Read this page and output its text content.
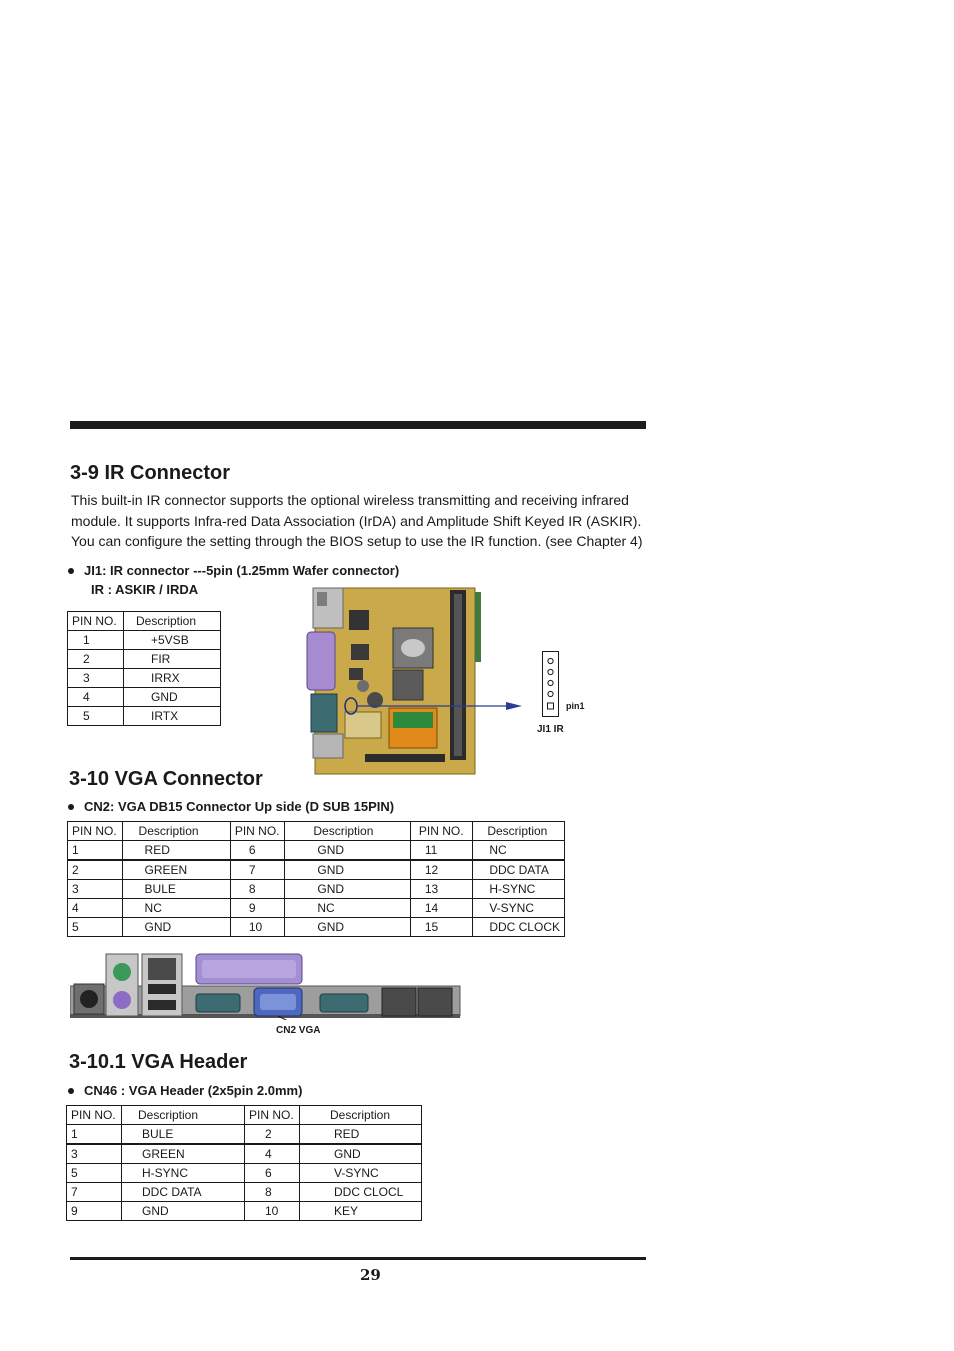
3-9 IR Connector
This built-in IR connector supports the optional wireless transmitting and receiving infrared
module. It supports Infra-red Data Association (IrDA) and Amplitude Shift Keyed IR (ASKIR).
You can configure the setting through the BIOS setup to use the IR function. (see Chapter 4)
JI1: IR connector ---5pin (1.25mm Wafer connector)
IR : ASKIR / IRDA
PIN NO.	Description
1	+5VSB
2	FIR
3	IRRX
4	GND
5	IRTX
pin1
JI1 IR
3-10 VGA Connector
CN2: VGA DB15 Connector Up side (D SUB 15PIN)
PIN NO.	Description	PIN NO.	Description	PIN NO.	Description
1	RED	6	GND	11	NC
2	GREEN	7	GND	12	DDC DATA
3	BULE	8	GND	13	H-SYNC
4	NC	9	NC	14	V-SYNC
5	GND	10	GND	15	DDC CLOCK
CN2 VGA
3-10.1 VGA Header
CN46 : VGA Header (2x5pin 2.0mm)
PIN NO.	Description	PIN NO.	Description
1	BULE	2	RED
3	GREEN	4	GND
5	H-SYNC	6	V-SYNC
7	DDC DATA	8	DDC CLOCL
9	GND	10	KEY
29
